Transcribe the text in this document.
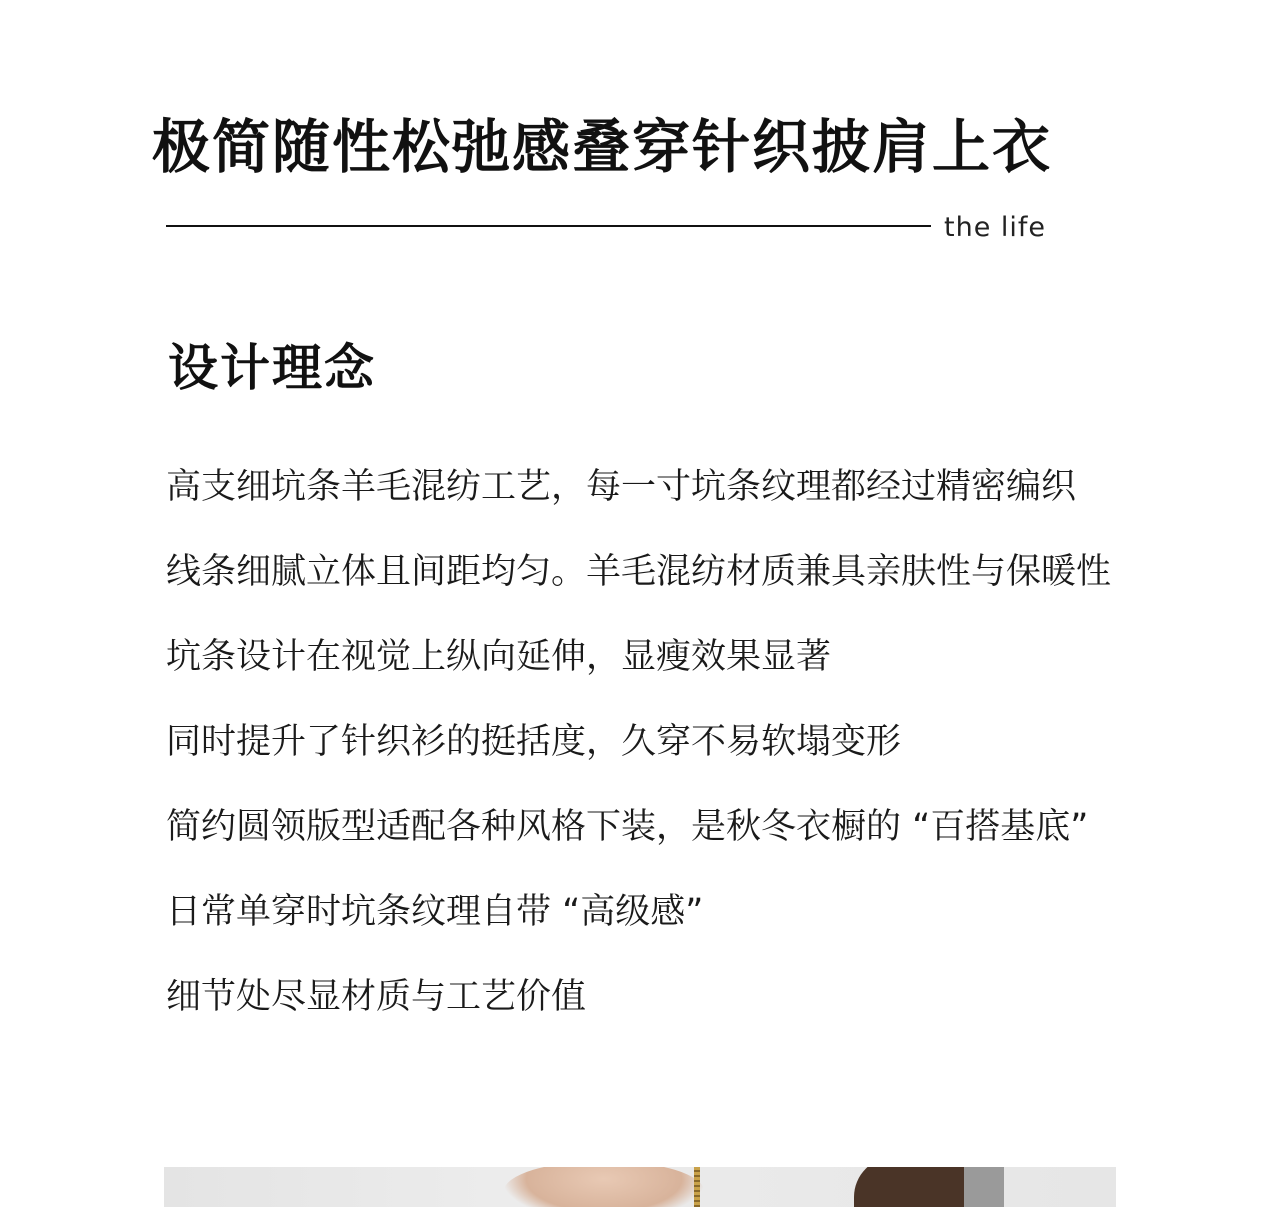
极简随性松弛感叠穿针织披肩上衣
the life
设计理念
高支细坑条羊毛混纺工艺，每一寸坑条纹理都经过精密编织
线条细腻立体且间距均匀。羊毛混纺材质兼具亲肤性与保暖性
坑条设计在视觉上纵向延伸，显瘦效果显著
同时提升了针织衫的挺括度，久穿不易软塌变形
简约圆领版型适配各种风格下装，是秋冬衣橱的 “百搭基底”
日常单穿时坑条纹理自带 “高级感”
细节处尽显材质与工艺价值
